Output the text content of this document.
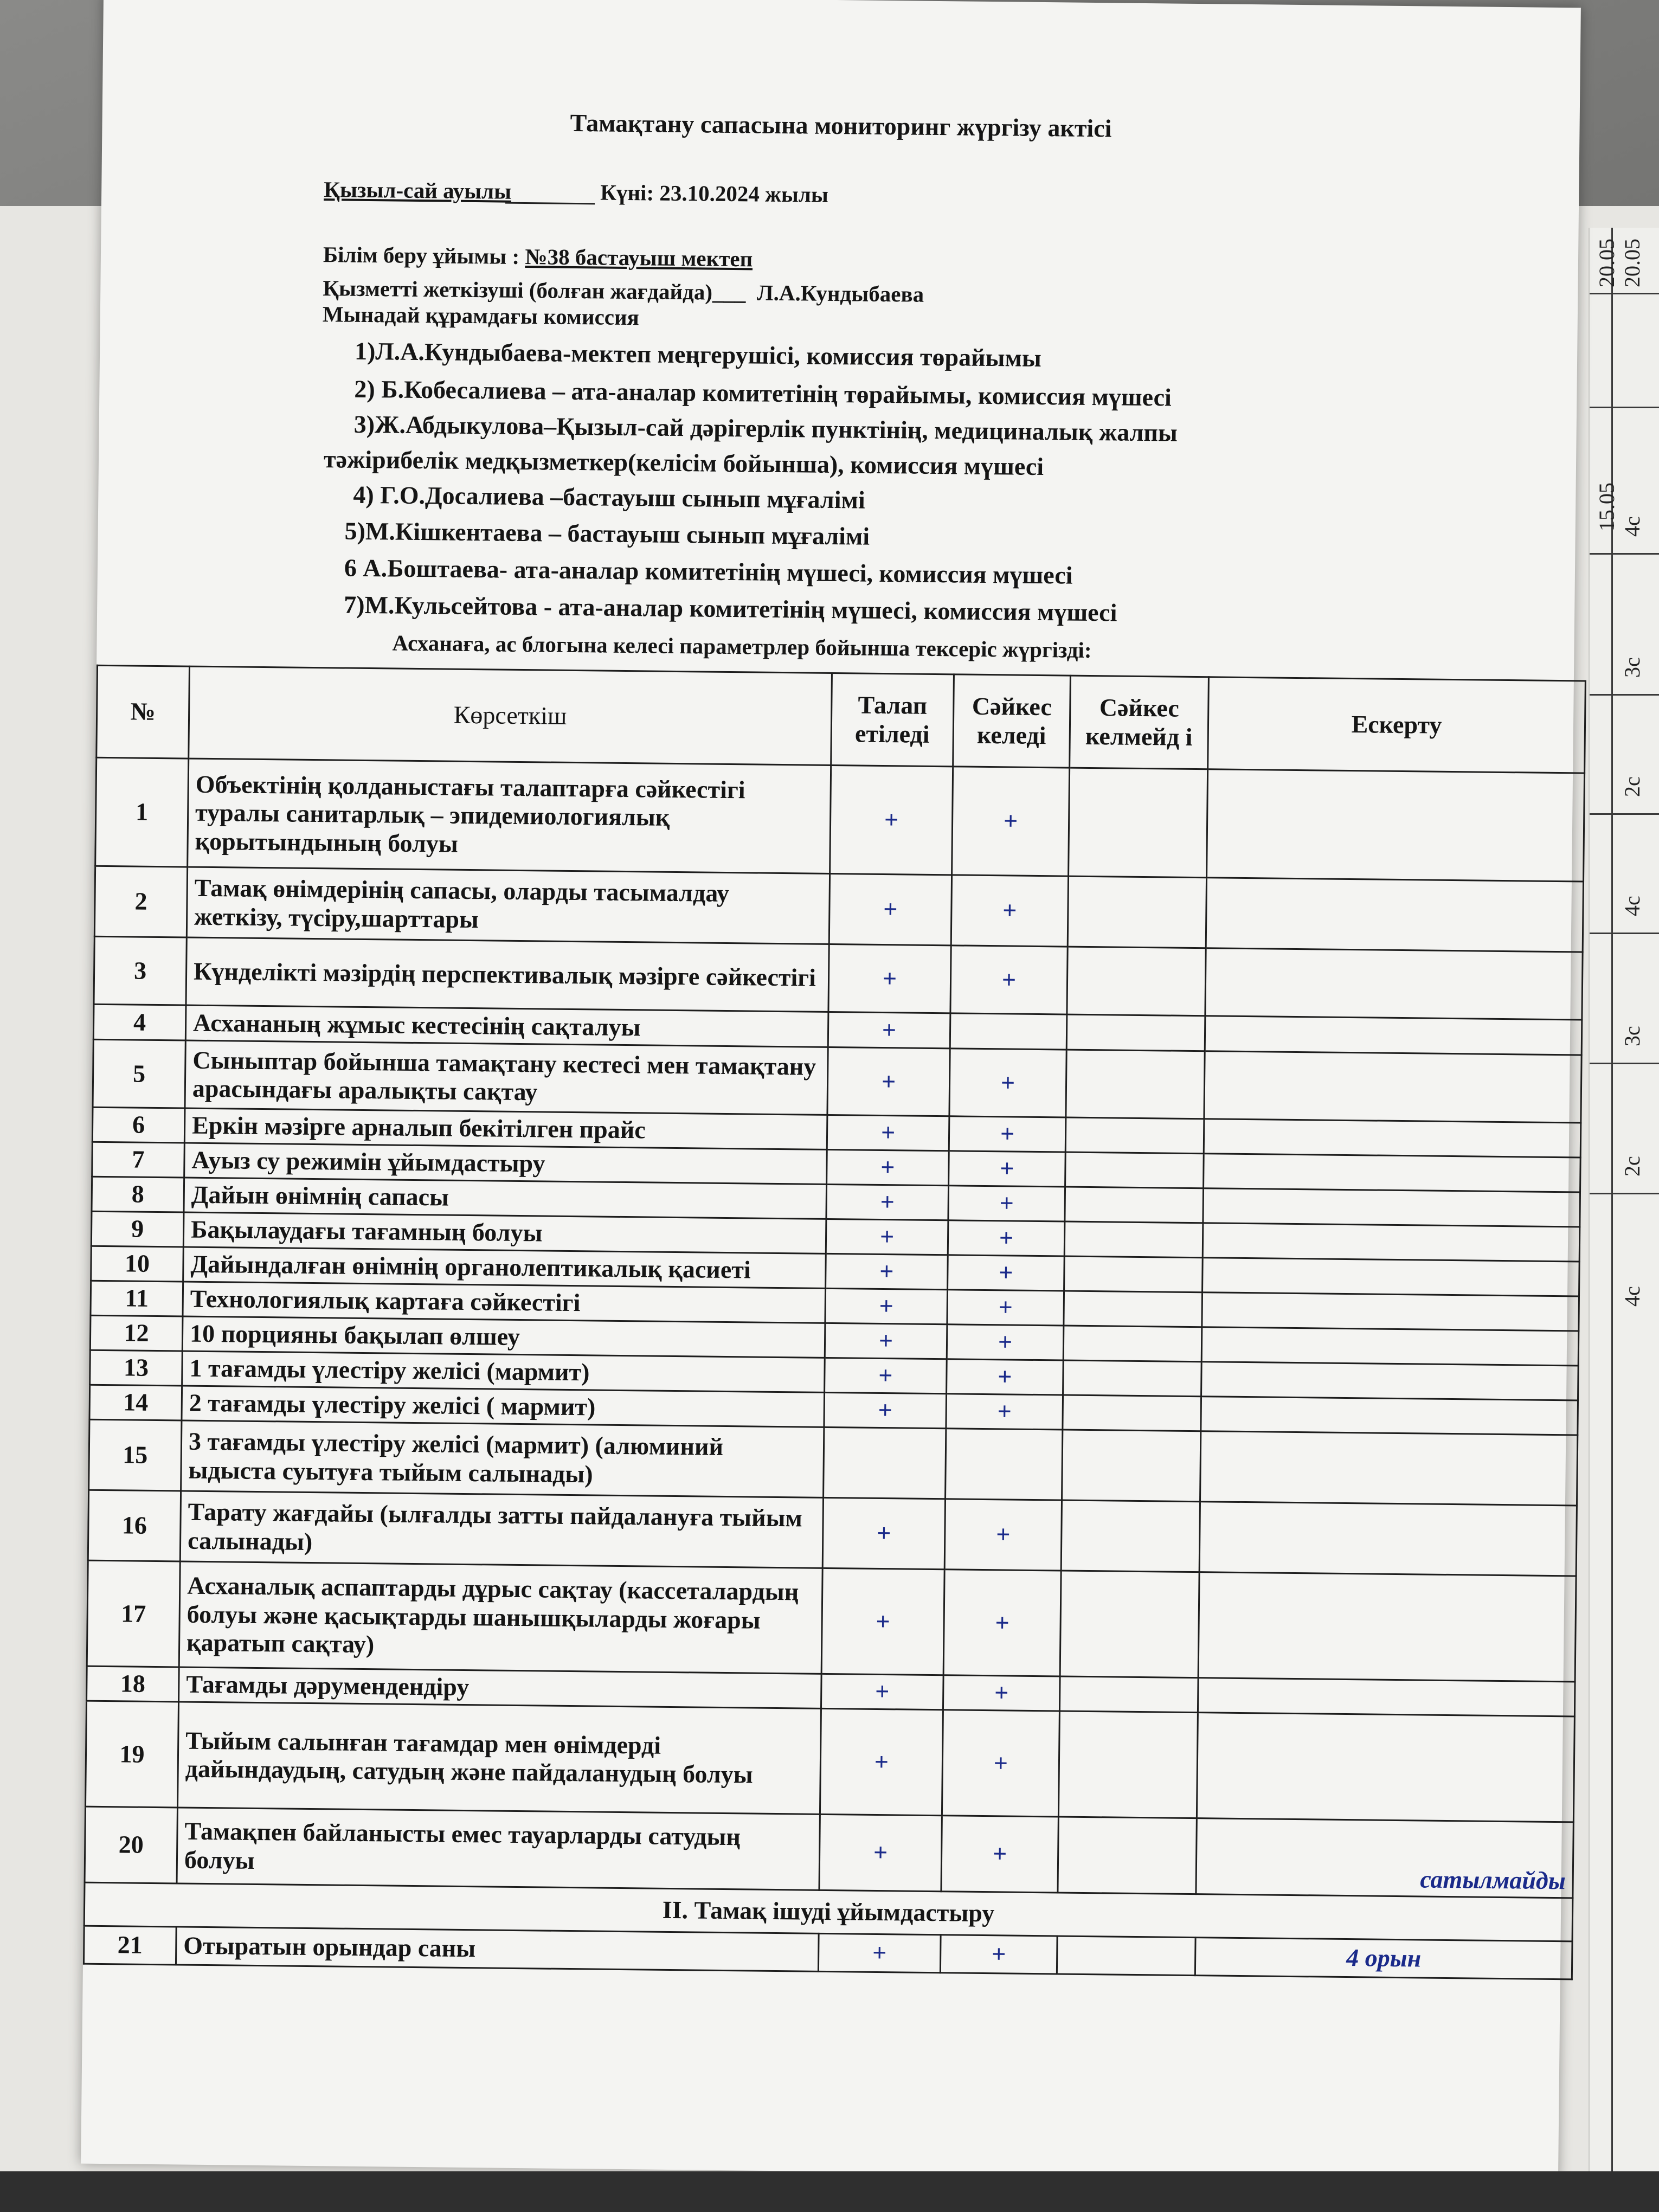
20.05
20.05
4с
15.05
3с
2с
4с
3с
2с
4с
Тамақтану сапасына мониторинг жүргізу актісі
Қызыл-сай ауылы	Күні: 23.10.2024 жылы
Білім беру ұйымы : №38 бастауыш мектеп
Қызметті жеткізуші (болған жағдайда)___ Л.А.Кундыбаева
Мынадай құрамдағы комиссия
1)Л.А.Кундыбаева-мектеп меңгерушісі, комиссия төрайымы
2) Б.Кобесалиева – ата-аналар комитетінің төрайымы, комиссия мүшесі
3)Ж.Абдыкулова–Қызыл-сай дәрігерлік пунктінің, медициналық жалпы
тәжірибелік медқызметкер(келісім бойынша), комиссия мүшесі
4) Г.О.Досалиева –бастауыш сынып мұғалімі
5)М.Кішкентаева – бастауыш сынып мұғалімі
6 А.Боштаева- ата-аналар комитетінің мүшесі, комиссия мүшесі
7)М.Кульсейтова - ата-аналар комитетінің мүшесі, комиссия мүшесі
Асханаға, ас блогына келесі параметрлер бойынша тексеріс жүргізді:
№	Көрсеткіш	Талап етіледі	Сәйкес келеді	Сәйкес келмейд і	Ескерту
1	Объектінің қолданыстағы талаптарға сәйкестігі туралы санитарлық – эпидемиологиялық қорытындының болуы	+	+		
2	Тамақ өнімдерінің сапасы, оларды тасымалдау жеткізу, түсіру,шарттары	+	+		
3	Күнделікті мәзірдің перспективалық мәзірге сәйкестігі	+	+		
4	Асхананың жұмыс кестесінің сақталуы	+			
5	Сыныптар бойынша тамақтану кестесі мен тамақтану арасындағы аралықты сақтау	+	+		
6	Еркін мәзірге арналып бекітілген прайс	+	+		
7	Ауыз су режимін ұйымдастыру	+	+		
8	Дайын өнімнің сапасы	+	+		
9	Бақылаудағы тағамның болуы	+	+		
10	Дайындалған өнімнің органолептикалық қасиеті	+	+		
11	Технологиялық картаға сәйкестігі	+	+		
12	10 порцияны бақылап өлшеу	+	+		
13	1 тағамды үлестіру желісі (мармит)	+	+		
14	2 тағамды үлестіру желісі ( мармит)	+	+		
15	3 тағамды үлестіру желісі (мармит) (алюминий ыдыста суытуға тыйым салынады)				
16	Тарату жағдайы (ылғалды затты пайдалануға тыйым салынады)	+	+		
17	Асханалық аспаптарды дұрыс сақтау (кассеталардың болуы және қасықтарды шанышқыларды жоғары қаратып сақтау)	+	+		
18	Тағамды дәрумендендіру	+	+		
19	Тыйым салынған тағамдар мен өнімдерді дайындаудың, сатудың және пайдаланудың болуы	+	+		
20	Тамақпен байланысты емес тауарларды сатудың болуы	+	+		сатылмайды
ІІ. Тамақ ішуді ұйымдастыру					
21	Отыратын орындар саны	+	+		4 орын
